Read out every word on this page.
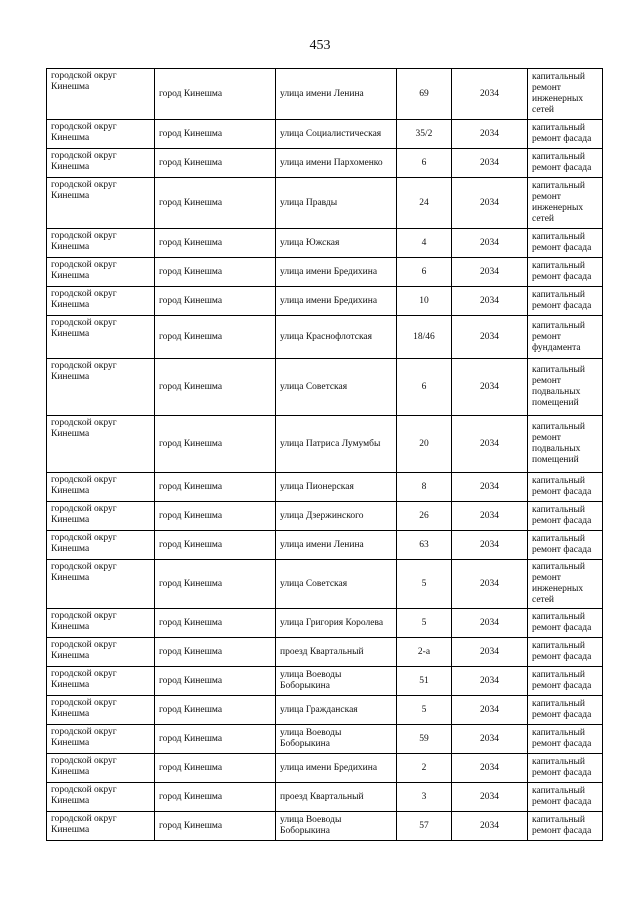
453
городской округ Кинешма	город Кинешма	улица имени Ленина	69	2034	капитальный ремонт инженерных сетей
городской округ Кинешма	город Кинешма	улица Социалистическая	35/2	2034	капитальный ремонт фасада
городской округ Кинешма	город Кинешма	улица имени Пархоменко	6	2034	капитальный ремонт фасада
городской округ Кинешма	город Кинешма	улица Правды	24	2034	капитальный ремонт инженерных сетей
городской округ Кинешма	город Кинешма	улица Южская	4	2034	капитальный ремонт фасада
городской округ Кинешма	город Кинешма	улица имени Бредихина	6	2034	капитальный ремонт фасада
городской округ Кинешма	город Кинешма	улица имени Бредихина	10	2034	капитальный ремонт фасада
городской округ Кинешма	город Кинешма	улица Краснофлотская	18/46	2034	капитальный ремонт фундамента
городской округ Кинешма	город Кинешма	улица Советская	6	2034	капитальный ремонт подвальных помещений
городской округ Кинешма	город Кинешма	улица Патриса Лумумбы	20	2034	капитальный ремонт подвальных помещений
городской округ Кинешма	город Кинешма	улица Пионерская	8	2034	капитальный ремонт фасада
городской округ Кинешма	город Кинешма	улица Дзержинского	26	2034	капитальный ремонт фасада
городской округ Кинешма	город Кинешма	улица имени Ленина	63	2034	капитальный ремонт фасада
городской округ Кинешма	город Кинешма	улица Советская	5	2034	капитальный ремонт инженерных сетей
городской округ Кинешма	город Кинешма	улица Григория Королева	5	2034	капитальный ремонт фасада
городской округ Кинешма	город Кинешма	проезд Квартальный	2-а	2034	капитальный ремонт фасада
городской округ Кинешма	город Кинешма	улица Воеводы Боборыкина	51	2034	капитальный ремонт фасада
городской округ Кинешма	город Кинешма	улица Гражданская	5	2034	капитальный ремонт фасада
городской округ Кинешма	город Кинешма	улица Воеводы Боборыкина	59	2034	капитальный ремонт фасада
городской округ Кинешма	город Кинешма	улица имени Бредихина	2	2034	капитальный ремонт фасада
городской округ Кинешма	город Кинешма	проезд Квартальный	3	2034	капитальный ремонт фасада
городской округ Кинешма	город Кинешма	улица Воеводы Боборыкина	57	2034	капитальный ремонт фасада
